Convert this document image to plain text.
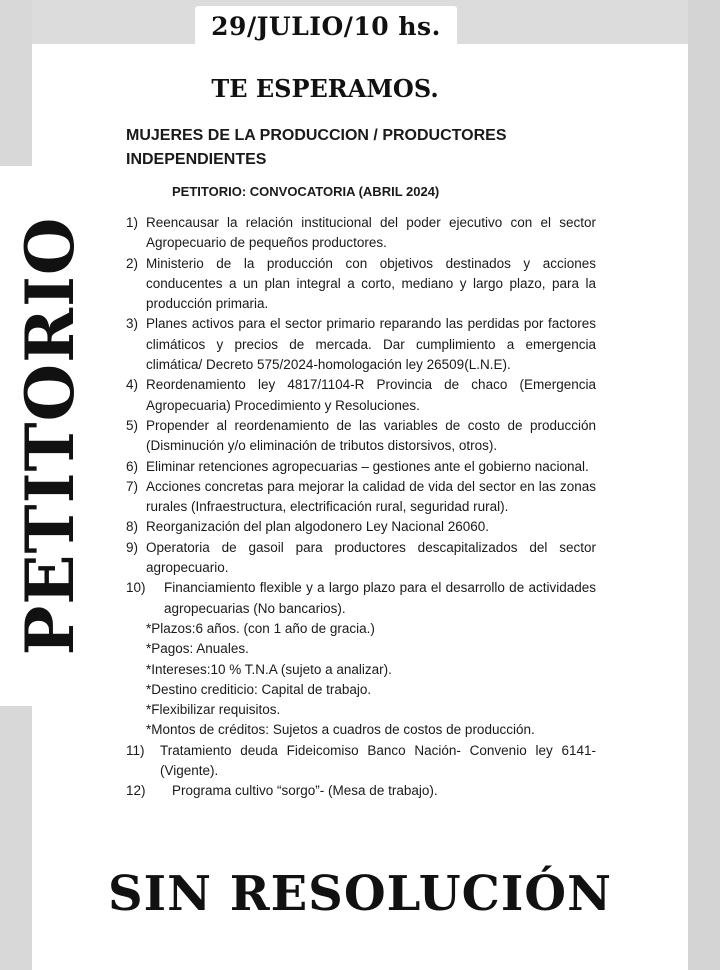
29/JULIO/10 hs.
PETITORIO
TE ESPERAMOS.
MUJERES DE LA PRODUCCION / PRODUCTORES INDEPENDIENTES
PETITORIO: CONVOCATORIA (ABRIL 2024)
1) Reencausar la relación institucional del poder ejecutivo con el sector Agropecuario de pequeños productores.
2) Ministerio de la producción con objetivos destinados y acciones conducentes a un plan integral a corto, mediano y largo plazo, para la producción primaria.
3) Planes activos para el sector primario reparando las perdidas por factores climáticos y precios de mercada. Dar cumplimiento a emergencia climática/ Decreto 575/2024-homologación ley 26509(L.N.E).
4) Reordenamiento ley 4817/1104-R Provincia de chaco (Emergencia Agropecuaria) Procedimiento y Resoluciones.
5) Propender al reordenamiento de las variables de costo de producción (Disminución y/o eliminación de tributos distorsivos, otros).
6) Eliminar retenciones agropecuarias – gestiones ante el gobierno nacional.
7) Acciones concretas para mejorar la calidad de vida del sector en las zonas rurales (Infraestructura, electrificación rural, seguridad rural).
8) Reorganización del plan algodonero Ley Nacional 26060.
9) Operatoria de gasoil para productores descapitalizados del sector agropecuario.
10)	Financiamiento flexible y a largo plazo para el desarrollo de actividades agropecuarias (No bancarios).
*Plazos:6 años. (con 1 año de gracia.)
*Pagos: Anuales.
*Intereses:10 % T.N.A (sujeto a analizar).
*Destino crediticio: Capital de trabajo.
*Flexibilizar requisitos.
*Montos de créditos: Sujetos a cuadros de costos de producción.
11)	Tratamiento deuda Fideicomiso Banco Nación- Convenio ley 6141- (Vigente).
12)	Programa cultivo “sorgo”- (Mesa de trabajo).
SIN RESOLUCIÓN
